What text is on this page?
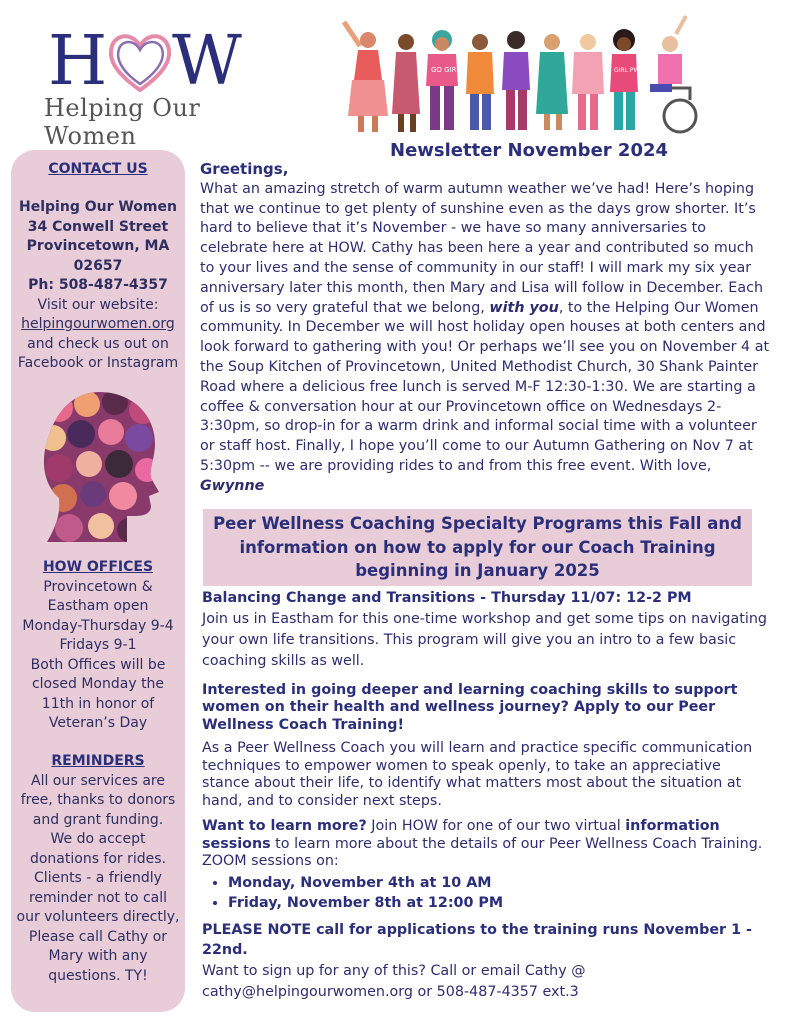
H W
Helping Our Women
GO GIRL	GIRL PWR
Newsletter November 2024
CONTACT US
Helping Our Women
34 Conwell Street
Provincetown, MA
02657
Ph: 508-487-4357
Visit our website:
helpingourwomen.org
and check us out on
Facebook or Instagram
HOW OFFICES
Provincetown &
Eastham open
Monday-Thursday 9-4
Fridays 9-1
Both Offices will be
closed Monday the
11th in honor of
Veteran’s Day
REMINDERS
All our services are
free, thanks to donors
and grant funding.
We do accept
donations for rides.
Clients - a friendly
reminder not to call
our volunteers directly,
Please call Cathy or
Mary with any
questions. TY!
Greetings,

What an amazing stretch of warm autumn weather we’ve had! Here’s hoping that we continue to get plenty of sunshine even as the days grow shorter. It’s hard to believe that it’s November - we have so many anniversaries to celebrate here at HOW. Cathy has been here a year and contributed so much to your lives and the sense of community in our staff! I will mark my six year anniversary later this month, then Mary and Lisa will follow in December. Each of us is so very grateful that we belong, with you, to the Helping Our Women community. In December we will host holiday open houses at both centers and look forward to gathering with you! Or perhaps we’ll see you on November 4 at the Soup Kitchen of Provincetown, United Methodist Church, 30 Shank Painter Road where a delicious free lunch is served M-F 12:30-1:30. We are starting a coffee & conversation hour at our Provincetown office on Wednesdays 2-3:30pm, so drop-in for a warm drink and informal social time with a volunteer or staff host. Finally, I hope you’ll come to our Autumn Gathering on Nov 7 at 5:30pm -- we are providing rides to and from this free event. With love, Gwynne

Peer Wellness Coaching Specialty Programs this Fall and
information on how to apply for our Coach Training
beginning in January 2025

Balancing Change and Transitions - Thursday 11/07: 12-2 PM

Join us in Eastham for this one-time workshop and get some tips on navigating your own life transitions. This program will give you an intro to a few basic coaching skills as well.

Interested in going deeper and learning coaching skills to support women on their health and wellness journey? Apply to our Peer Wellness Coach Training!

As a Peer Wellness Coach you will learn and practice specific communication techniques to empower women to speak openly, to take an appreciative stance about their life, to identify what matters most about the situation at hand, and to consider next steps.

Want to learn more? Join HOW for one of our two virtual information sessions to learn more about the details of our Peer Wellness Coach Training. ZOOM sessions on:

• Monday, November 4th at 10 AM
• Friday, November 8th at 12:00 PM

PLEASE NOTE call for applications to the training runs November 1 - 22nd.

Want to sign up for any of this? Call or email Cathy @ cathy@helpingourwomen.org or 508-487-4357 ext.3
